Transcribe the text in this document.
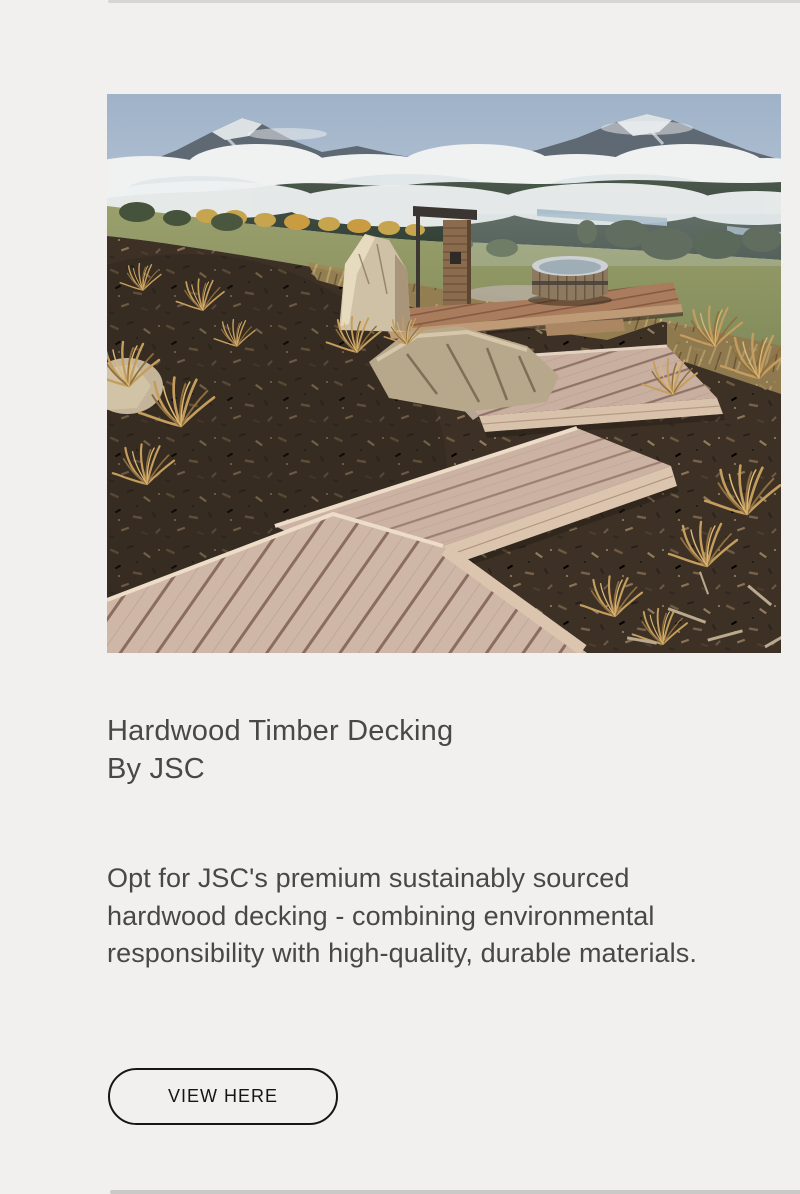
Hardwood Timber Decking
By JSC

Opt for JSC's premium sustainably sourced hardwood decking - combining environmental responsibility with high-quality, durable materials.

VIEW HERE
